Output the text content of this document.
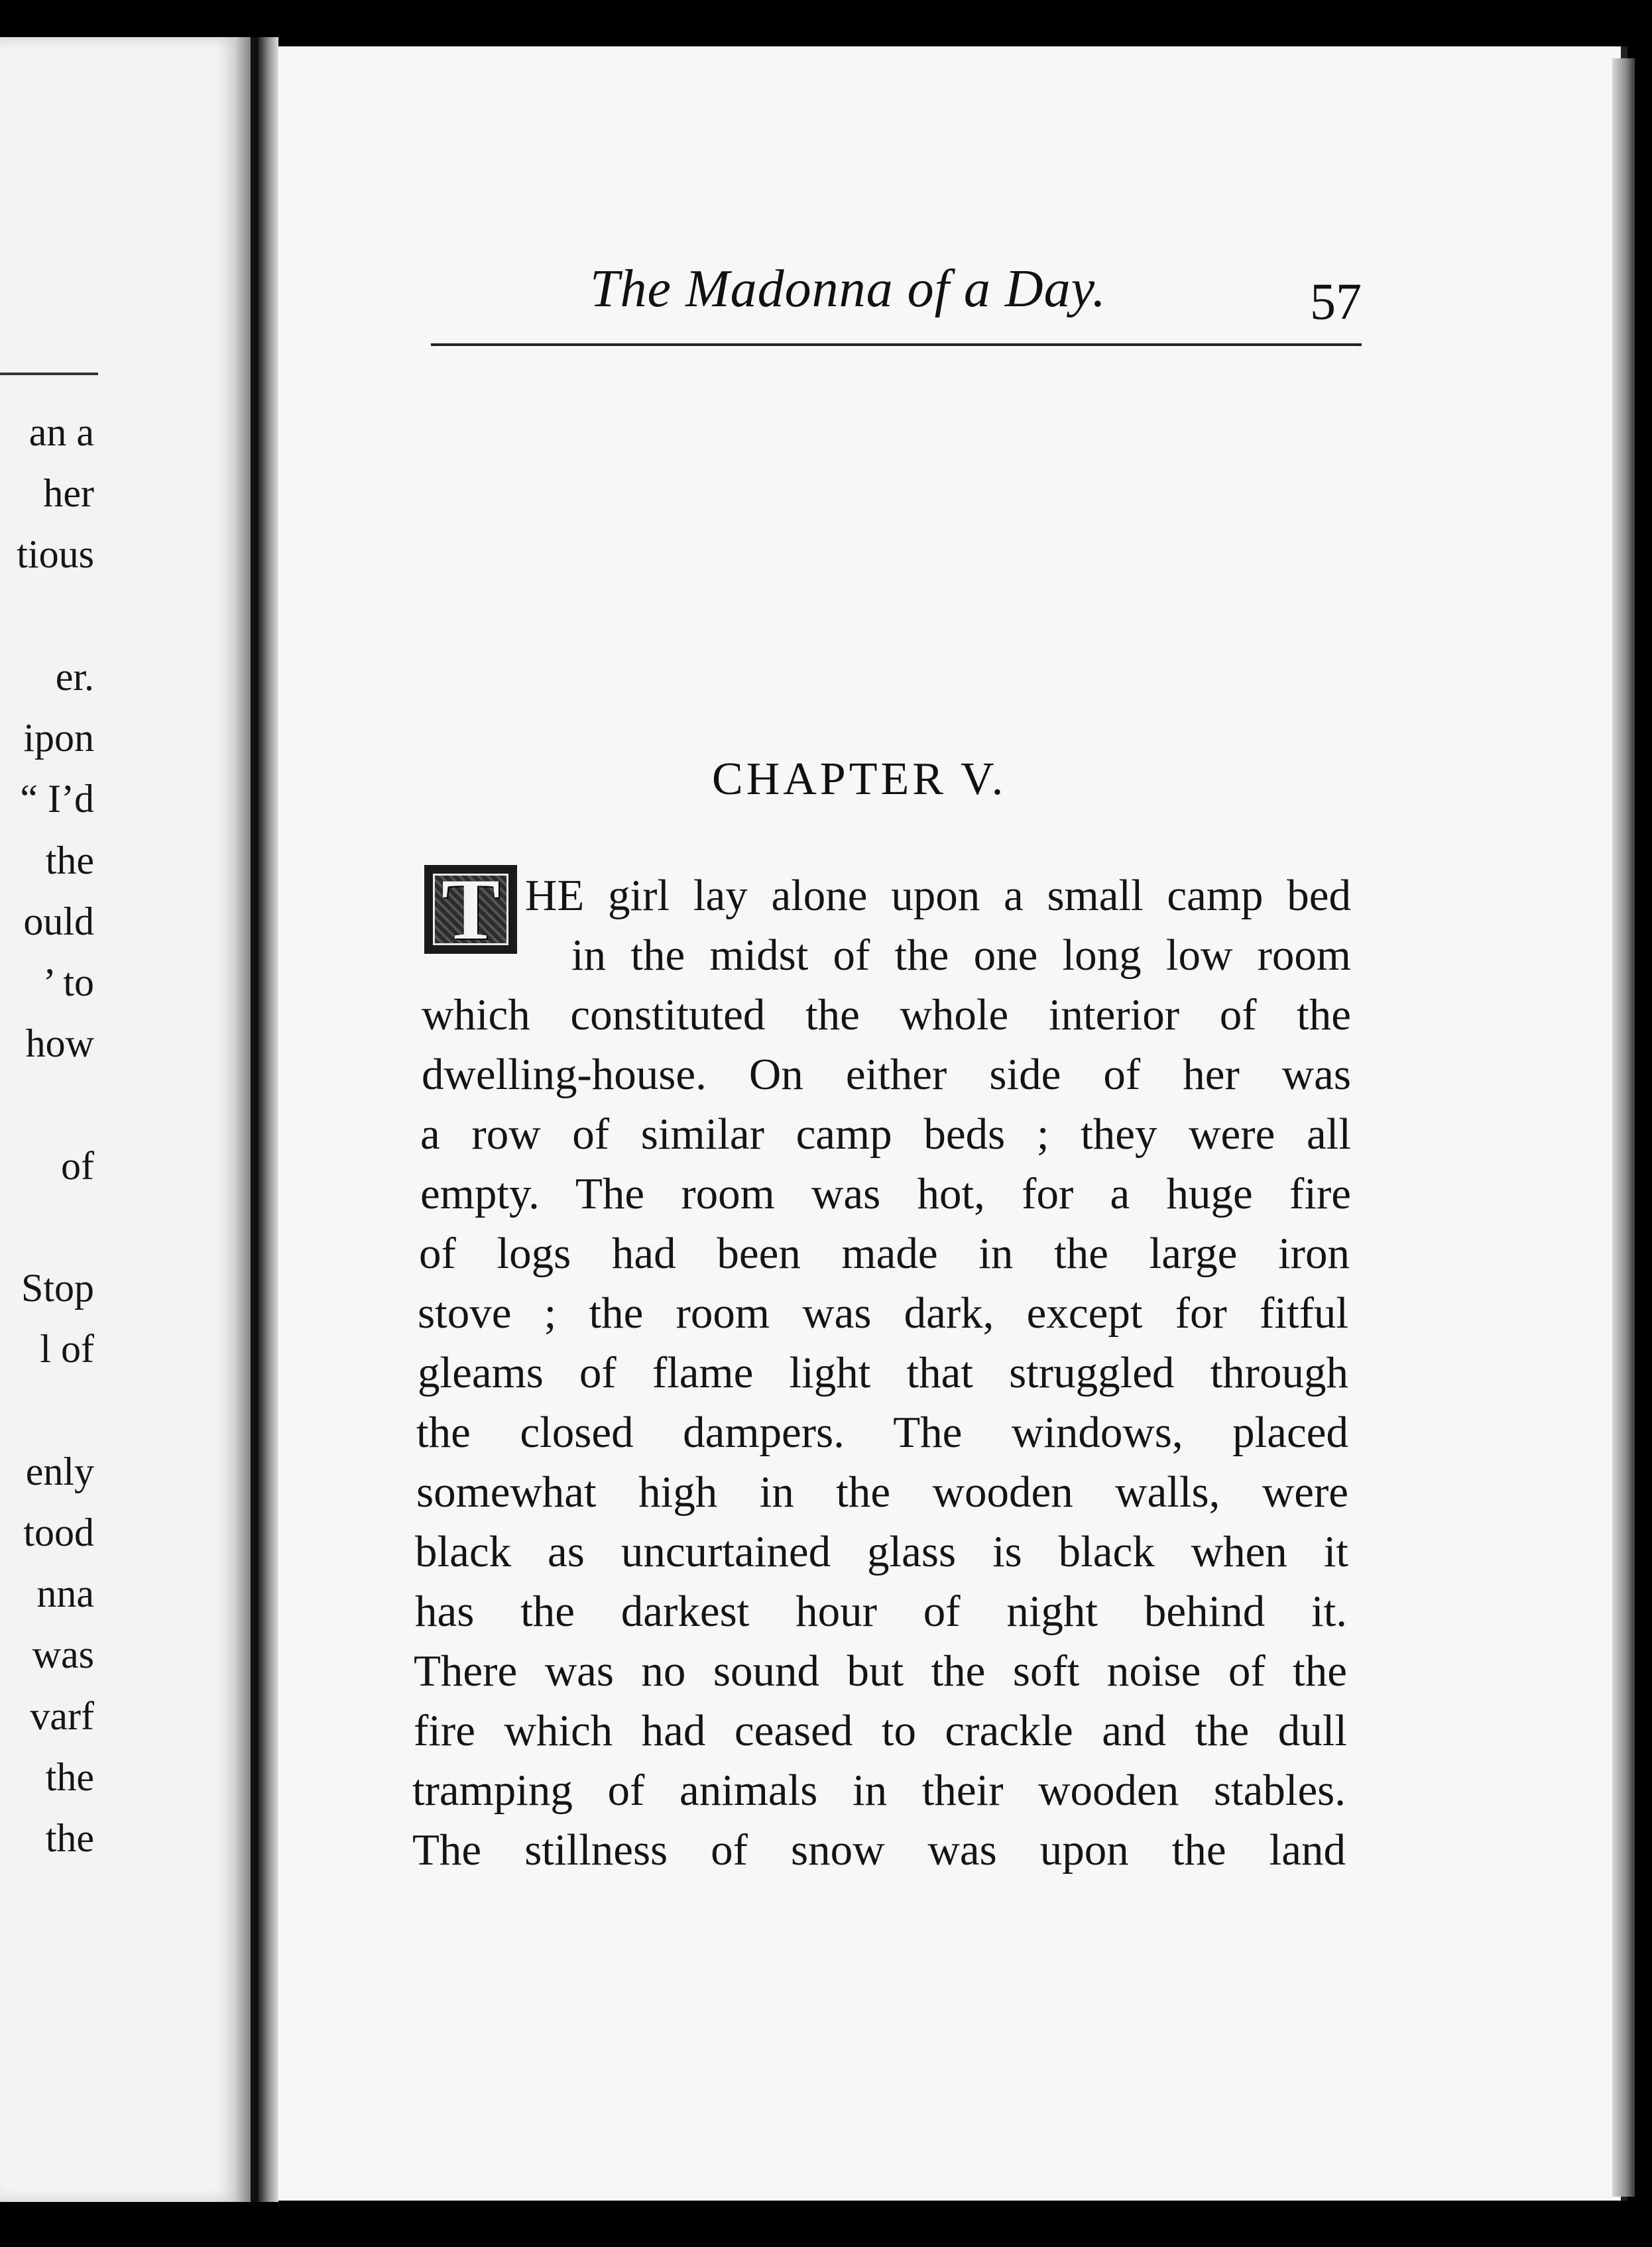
an a

her

tious

er.

ipon

“ I’d

the

ould

’ to

how

of

Stop

l of

enly

tood

nna

was

varf

the

the

The Madonna of a Day.	57

CHAPTER V.
T HE girl lay alone upon a small camp bed

in the midst of the one long low room

which constituted the whole interior of the

dwelling-house. On either side of her was

a row of similar camp beds ; they were all

empty. The room was hot, for a huge fire

of logs had been made in the large iron

stove ; the room was dark, except for fitful

gleams of flame light that struggled through

the closed dampers. The windows, placed

somewhat high in the wooden walls, were

black as uncurtained glass is black when it

has the darkest hour of night behind it.

There was no sound but the soft noise of the

fire which had ceased to crackle and the dull

tramping of animals in their wooden stables.

The stillness of snow was upon the land
